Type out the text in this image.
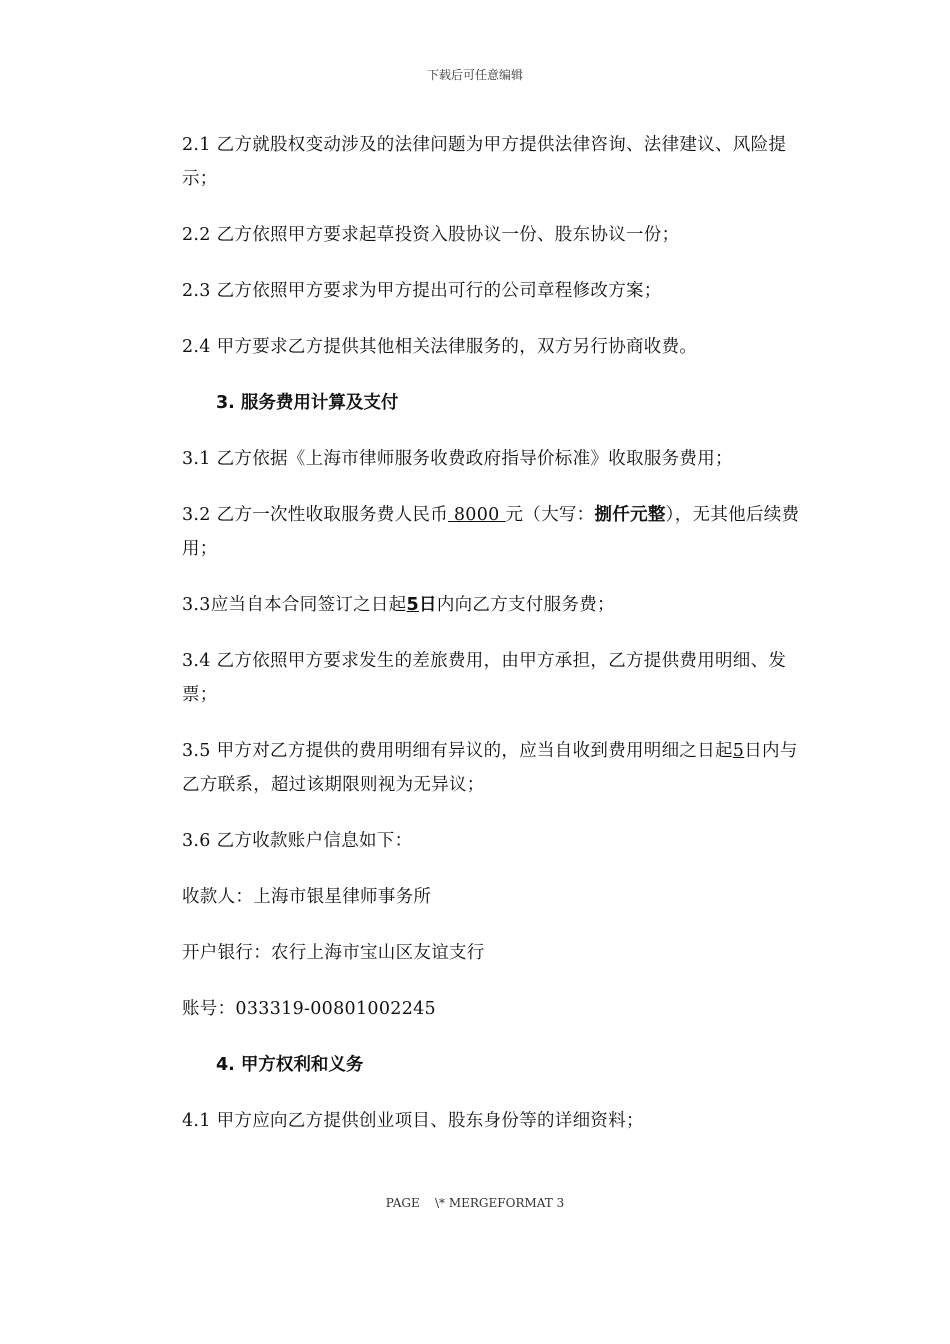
下载后可任意编辑

2.1 乙方就股权变动涉及的法律问题为甲方提供法律咨询、法律建议、风险提示；

2.2 乙方依照甲方要求起草投资入股协议一份、股东协议一份；

2.3 乙方依照甲方要求为甲方提出可行的公司章程修改方案；

2.4 甲方要求乙方提供其他相关法律服务的，双方另行协商收费。

3. 服务费用计算及支付

3.1 乙方依据《上海市律师服务收费政府指导价标准》收取服务费用；

3.2 乙方一次性收取服务费人民币 8000 元（大写：捌仟元整），无其他后续费用；

3.3应当自本合同签订之日起5日内向乙方支付服务费；

3.4 乙方依照甲方要求发生的差旅费用，由甲方承担，乙方提供费用明细、发票；

3.5 甲方对乙方提供的费用明细有异议的，应当自收到费用明细之日起5日内与乙方联系，超过该期限则视为无异议；

3.6 乙方收款账户信息如下：

收款人：上海市银星律师事务所

开户银行：农行上海市宝山区友谊支行

账号：033319-00801002245

4. 甲方权利和义务

4.1 甲方应向乙方提供创业项目、股东身份等的详细资料；

PAGE    \* MERGEFORMAT 3
